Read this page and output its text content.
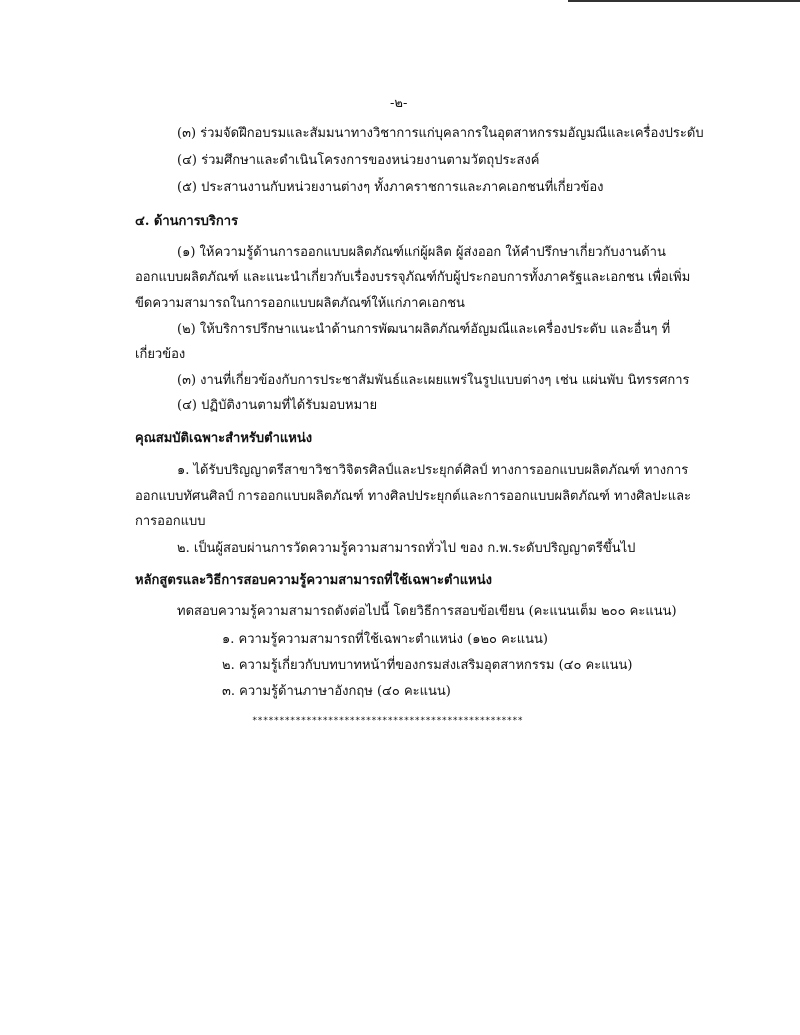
-๒-
(๓) ร่วมจัดฝึกอบรมและสัมมนาทางวิชาการแก่บุคลากรในอุตสาหกรรมอัญมณีและเครื่องประดับ
(๔) ร่วมศึกษาและดำเนินโครงการของหน่วยงานตามวัตถุประสงค์
(๕) ประสานงานกับหน่วยงานต่างๆ ทั้งภาคราชการและภาคเอกชนที่เกี่ยวข้อง
๔. ด้านการบริการ
(๑) ให้ความรู้ด้านการออกแบบผลิตภัณฑ์แก่ผู้ผลิต ผู้ส่งออก ให้คำปรึกษาเกี่ยวกับงานด้าน
ออกแบบผลิตภัณฑ์ และแนะนำเกี่ยวกับเรื่องบรรจุภัณฑ์กับผู้ประกอบการทั้งภาครัฐและเอกชน เพื่อเพิ่ม
ขีดความสามารถในการออกแบบผลิตภัณฑ์ให้แก่ภาคเอกชน
(๒) ให้บริการปรึกษาแนะนำด้านการพัฒนาผลิตภัณฑ์อัญมณีและเครื่องประดับ และอื่นๆ ที่
เกี่ยวข้อง
(๓) งานที่เกี่ยวข้องกับการประชาสัมพันธ์และเผยแพร่ในรูปแบบต่างๆ เช่น แผ่นพับ นิทรรศการ
(๔) ปฏิบัติงานตามที่ได้รับมอบหมาย
คุณสมบัติเฉพาะสำหรับตำแหน่ง
๑. ได้รับปริญญาตรีสาขาวิชาวิจิตรศิลป์และประยุกต์ศิลป์ ทางการออกแบบผลิตภัณฑ์ ทางการ
ออกแบบทัศนศิลป์ การออกแบบผลิตภัณฑ์ ทางศิลปประยุกต์และการออกแบบผลิตภัณฑ์ ทางศิลปะและ
การออกแบบ
๒. เป็นผู้สอบผ่านการวัดความรู้ความสามารถทั่วไป ของ ก.พ.ระดับปริญญาตรีขึ้นไป
หลักสูตรและวิธีการสอบความรู้ความสามารถที่ใช้เฉพาะตำแหน่ง
ทดสอบความรู้ความสามารถดังต่อไปนี้ โดยวิธีการสอบข้อเขียน (คะแนนเต็ม ๒๐๐ คะแนน)
๑. ความรู้ความสามารถที่ใช้เฉพาะตำแหน่ง (๑๒๐ คะแนน)
๒. ความรู้เกี่ยวกับบทบาทหน้าที่ของกรมส่งเสริมอุตสาหกรรม (๔๐ คะแนน)
๓. ความรู้ด้านภาษาอังกฤษ (๔๐ คะแนน)
**************************************************
